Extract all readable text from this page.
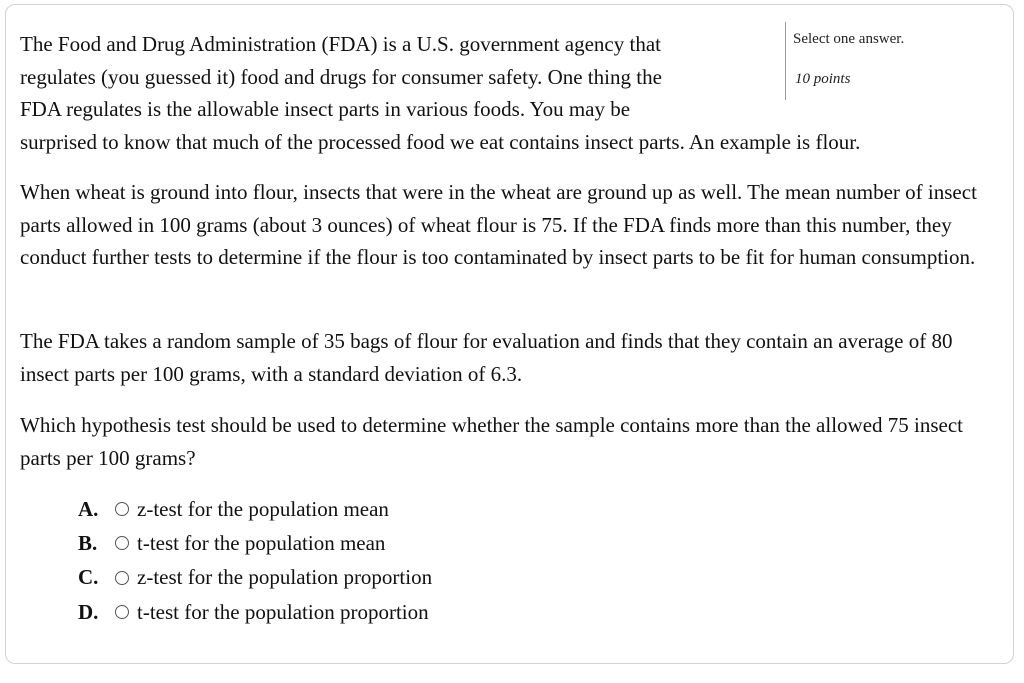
Select one answer.
10 points
The Food and Drug Administration (FDA) is a U.S. government agency that
regulates (you guessed it) food and drugs for consumer safety. One thing the
FDA regulates is the allowable insect parts in various foods. You may be
surprised to know that much of the processed food we eat contains insect parts. An example is flour.
When wheat is ground into flour, insects that were in the wheat are ground up as well. The mean number of insect parts allowed in 100 grams (about 3 ounces) of wheat flour is 75. If the FDA finds more than this number, they conduct further tests to determine if the flour is too contaminated by insect parts to be fit for human consumption.
The FDA takes a random sample of 35 bags of flour for evaluation and finds that they contain an average of 80 insect parts per 100 grams, with a standard deviation of 6.3.
Which hypothesis test should be used to determine whether the sample contains more than the allowed 75 insect parts per 100 grams?
A.	z-test for the population mean
B.	t-test for the population mean
C.	z-test for the population proportion
D.	t-test for the population proportion
